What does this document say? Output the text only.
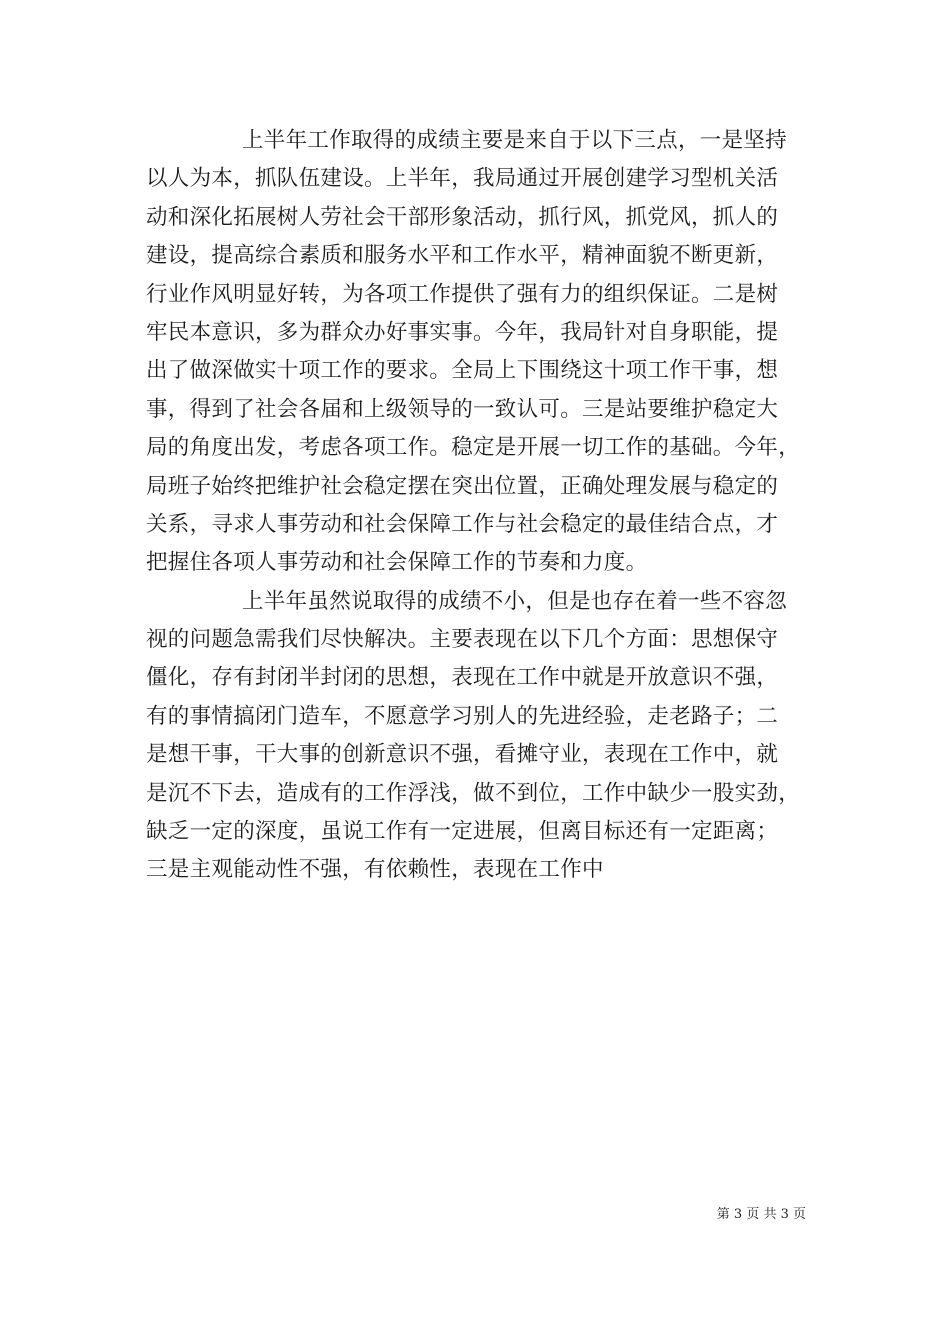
上半年工作取得的成绩主要是来自于以下三点，一是坚持
以人为本，抓队伍建设。上半年，我局通过开展创建学习型机关活
动和深化拓展树人劳社会干部形象活动，抓行风，抓党风，抓人的
建设，提高综合素质和服务水平和工作水平，精神面貌不断更新，
行业作风明显好转，为各项工作提供了强有力的组织保证。二是树
牢民本意识，多为群众办好事实事。今年，我局针对自身职能，提
出了做深做实十项工作的要求。全局上下围绕这十项工作干事，想
事，得到了社会各届和上级领导的一致认可。三是站要维护稳定大
局的角度出发，考虑各项工作。稳定是开展一切工作的基础。今年，
局班子始终把维护社会稳定摆在突出位置，正确处理发展与稳定的
关系，寻求人事劳动和社会保障工作与社会稳定的最佳结合点，才
把握住各项人事劳动和社会保障工作的节奏和力度。
上半年虽然说取得的成绩不小，但是也存在着一些不容忽
视的问题急需我们尽快解决。主要表现在以下几个方面：思想保守
僵化，存有封闭半封闭的思想，表现在工作中就是开放意识不强，
有的事情搞闭门造车，不愿意学习别人的先进经验，走老路子；二
是想干事，干大事的创新意识不强，看摊守业，表现在工作中，就
是沉不下去，造成有的工作浮浅，做不到位，工作中缺少一股实劲，
缺乏一定的深度，虽说工作有一定进展，但离目标还有一定距离；
三是主观能动性不强，有依赖性，表现在工作中
第 3 页 共 3 页
